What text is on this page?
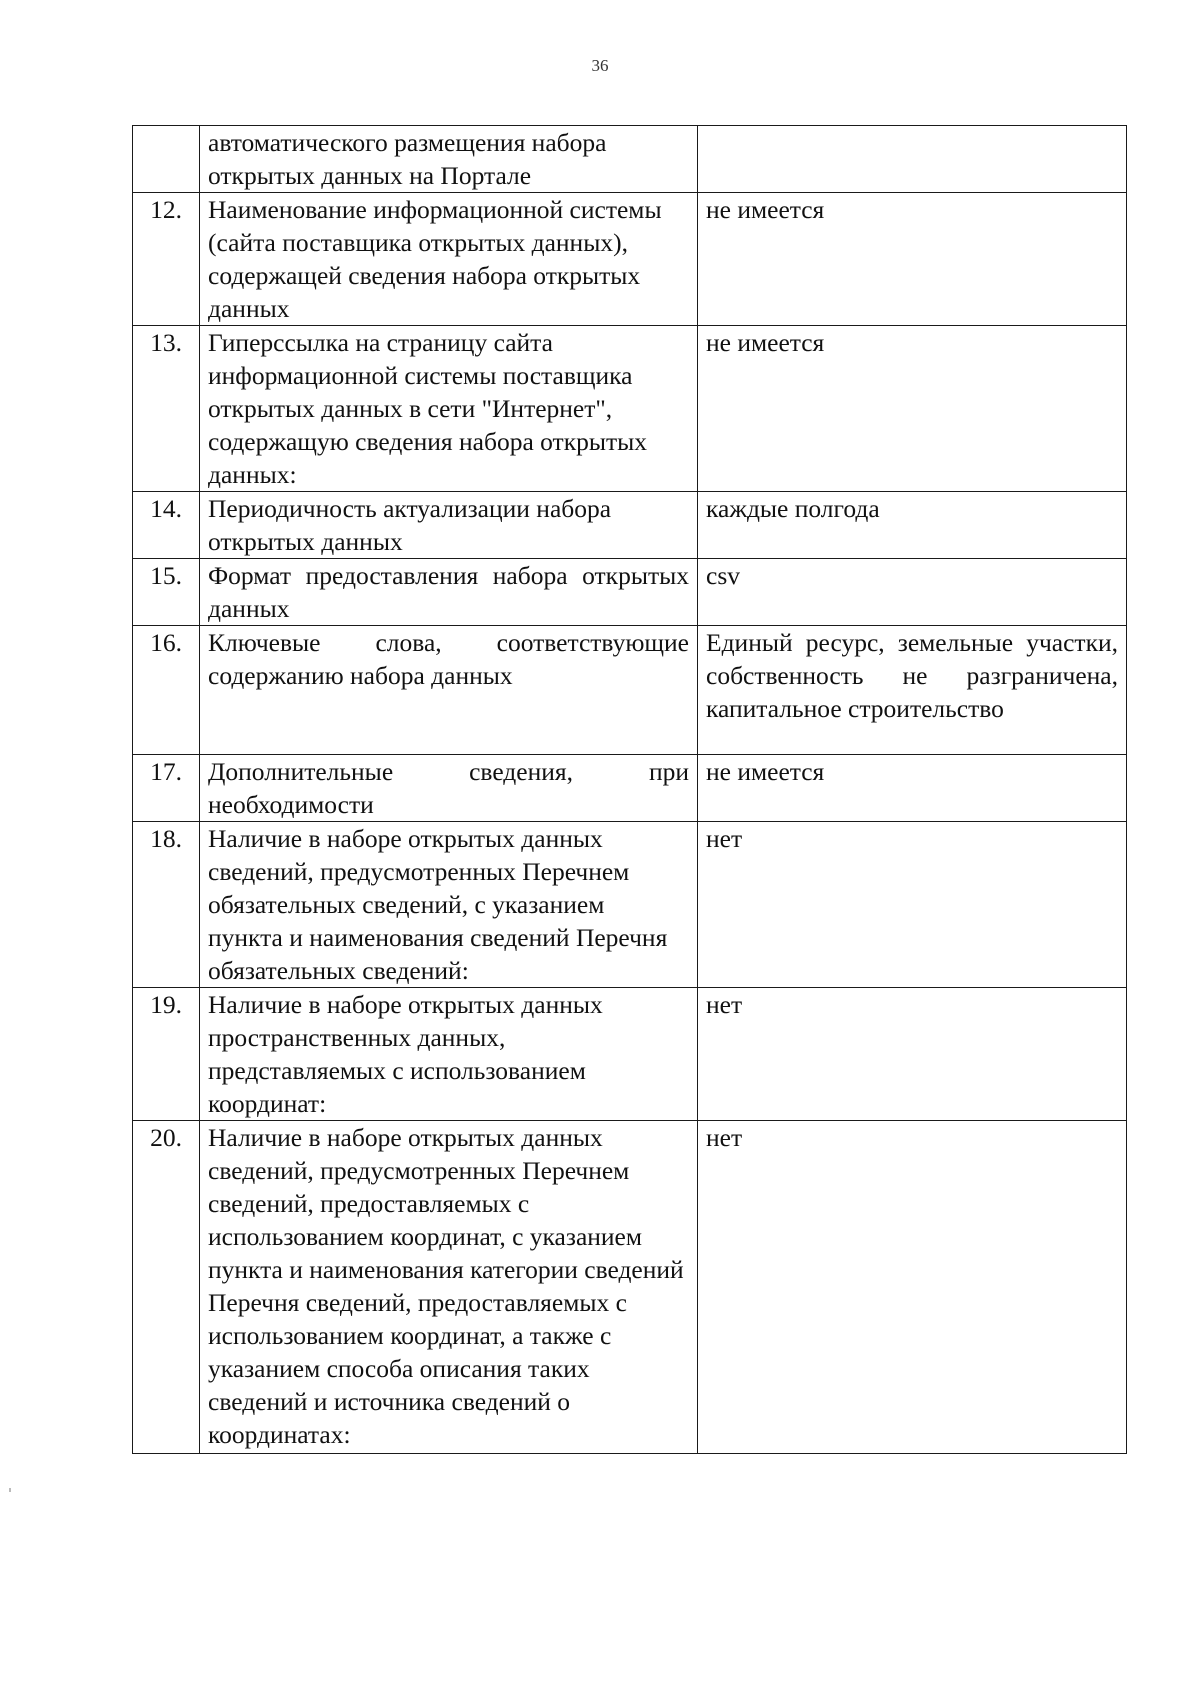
36

	автоматического размещения набора открытых данных на Портале	

12.	Наименование информационной системы (сайта поставщика открытых данных), содержащей сведения набора открытых данных	не имеется
13.	Гиперссылка на страницу сайта информационной системы поставщика открытых данных в сети "Интернет", содержащую сведения набора открытых данных:	не имеется
14.	Периодичность актуализации набора открытых данных	каждые полгода
15.	Формат предоставления набора открытых данных	csv
16.	Ключевые слова, соответствующие содержанию набора данных	Единый ресурс, земельные участки, собственность не разграничена, капитальное строительство
17.	Дополнительные сведения, при необходимости	не имеется
18.	Наличие в наборе открытых данных сведений, предусмотренных Перечнем обязательных сведений, с указанием пункта и наименования сведений Перечня обязательных сведений:	нет
19.	Наличие в наборе открытых данных пространственных данных, представляемых с использованием координат:	нет
20.	Наличие в наборе открытых данных сведений, предусмотренных Перечнем сведений, предоставляемых с использованием координат, с указанием пункта и наименования категории сведений Перечня сведений, предоставляемых с использованием координат, а также с указанием способа описания таких сведений и источника сведений о координатах:	нет
